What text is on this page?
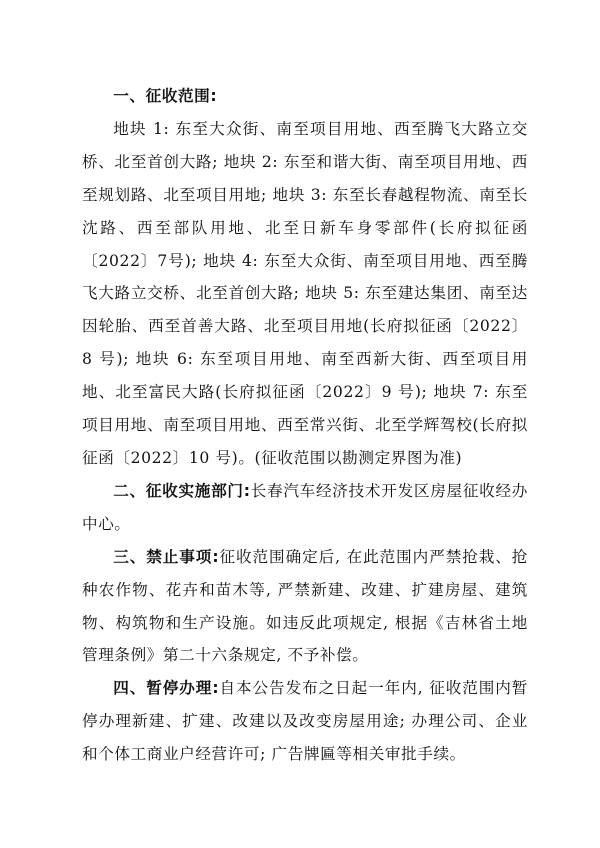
一、征收范围:

地块 1: 东至大众街、南至项目用地、西至腾飞大路立交桥、北至首创大路; 地块 2: 东至和谐大街、南至项目用地、西至规划路、北至项目用地; 地块 3: 东至长春越程物流、南至长沈路、西至部队用地、北至日新车身零部件(长府拟征函〔2022〕7号); 地块 4: 东至大众街、南至项目用地、西至腾飞大路立交桥、北至首创大路; 地块 5: 东至建达集团、南至达因轮胎、西至首善大路、北至项目用地(长府拟征函〔2022〕8 号); 地块 6: 东至项目用地、南至西新大街、西至项目用地、北至富民大路(长府拟征函〔2022〕9 号); 地块 7: 东至项目用地、南至项目用地、西至常兴街、北至学辉驾校(长府拟征函〔2022〕10 号)。(征收范围以勘测定界图为准)

二、征收实施部门:长春汽车经济技术开发区房屋征收经办中心。

三、禁止事项:征收范围确定后, 在此范围内严禁抢栽、抢种农作物、花卉和苗木等, 严禁新建、改建、扩建房屋、建筑物、构筑物和生产设施。如违反此项规定, 根据《吉林省土地管理条例》第二十六条规定, 不予补偿。

四、暂停办理:自本公告发布之日起一年内, 征收范围内暂停办理新建、扩建、改建以及改变房屋用途; 办理公司、企业和个体工商业户经营许可; 广告牌匾等相关审批手续。
